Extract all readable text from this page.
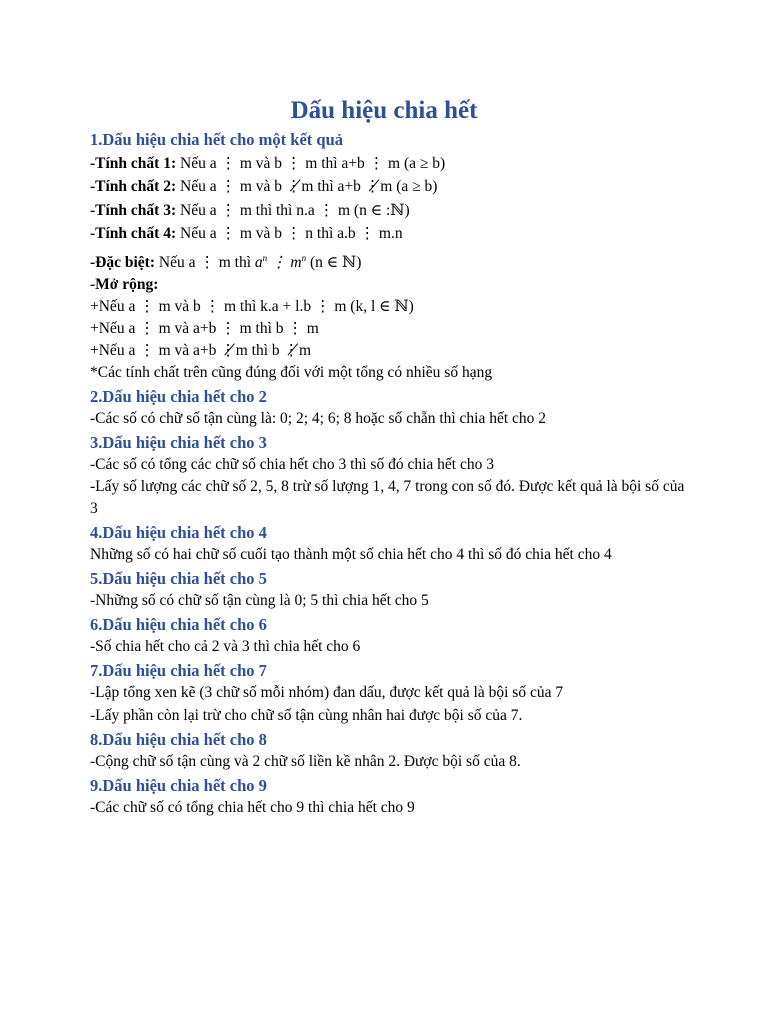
Dấu hiệu chia hết
1.Dấu hiệu chia hết cho một kết quả
-Tính chất 1: Nếu a ⋮ m và b ⋮ m thì a+b ⋮ m (a ≥ b)
-Tính chất 2: Nếu a ⋮ m và b ⋮̸m thì a+b ⋮̸m (a ≥ b)
-Tính chất 3: Nếu a ⋮ m thì thì n.a ⋮ m (n ∈ :ℕ)
-Tính chất 4: Nếu a ⋮ m và b ⋮ n thì a.b ⋮ m.n
-Đặc biệt: Nếu a ⋮ m thì $a^n$ ⋮ $m^n$ (n ∈ ℕ)
-Mở rộng:
+Nếu a ⋮ m và b ⋮ m thì k.a + l.b ⋮ m (k, l ∈ ℕ)
+Nếu a ⋮ m và a+b ⋮ m thì b ⋮ m
+Nếu a ⋮ m và a+b ⋮̸m thì b ⋮̸m
*Các tính chất trên cũng đúng đối với một tổng có nhiều số hạng
2.Dấu hiệu chia hết cho 2
-Các số có chữ số tận cùng là: 0; 2; 4; 6; 8 hoặc số chẵn thì chia hết cho 2
3.Dấu hiệu chia hết cho 3
-Các số có tổng các chữ số chia hết cho 3 thì số đó chia hết cho 3
-Lấy số lượng các chữ số 2, 5, 8 trừ số lượng 1, 4, 7 trong con số đó. Được kết quả là bội số của 3
4.Dấu hiệu chia hết cho 4
Những số có hai chữ số cuối tạo thành một số chia hết cho 4 thì số đó chia hết cho 4
5.Dấu hiệu chia hết cho 5
-Những số có chữ số tận cùng là 0; 5 thì chia hết cho 5
6.Dấu hiệu chia hết cho 6
-Số chia hết cho cả 2 và 3 thì chia hết cho 6
7.Dấu hiệu chia hết cho 7
-Lập tổng xen kẽ (3 chữ số mỗi nhóm) đan dấu, được kết quả là bội số của 7
-Lấy phần còn lại trừ cho chữ số tận cùng nhân hai được bội số của 7.
8.Dấu hiệu chia hết cho 8
-Cộng chữ số tận cùng và 2 chữ số liền kề nhân 2. Được bội số của 8.
9.Dấu hiệu chia hết cho 9
-Các chữ số có tổng chia hết cho 9 thì chia hết cho 9
